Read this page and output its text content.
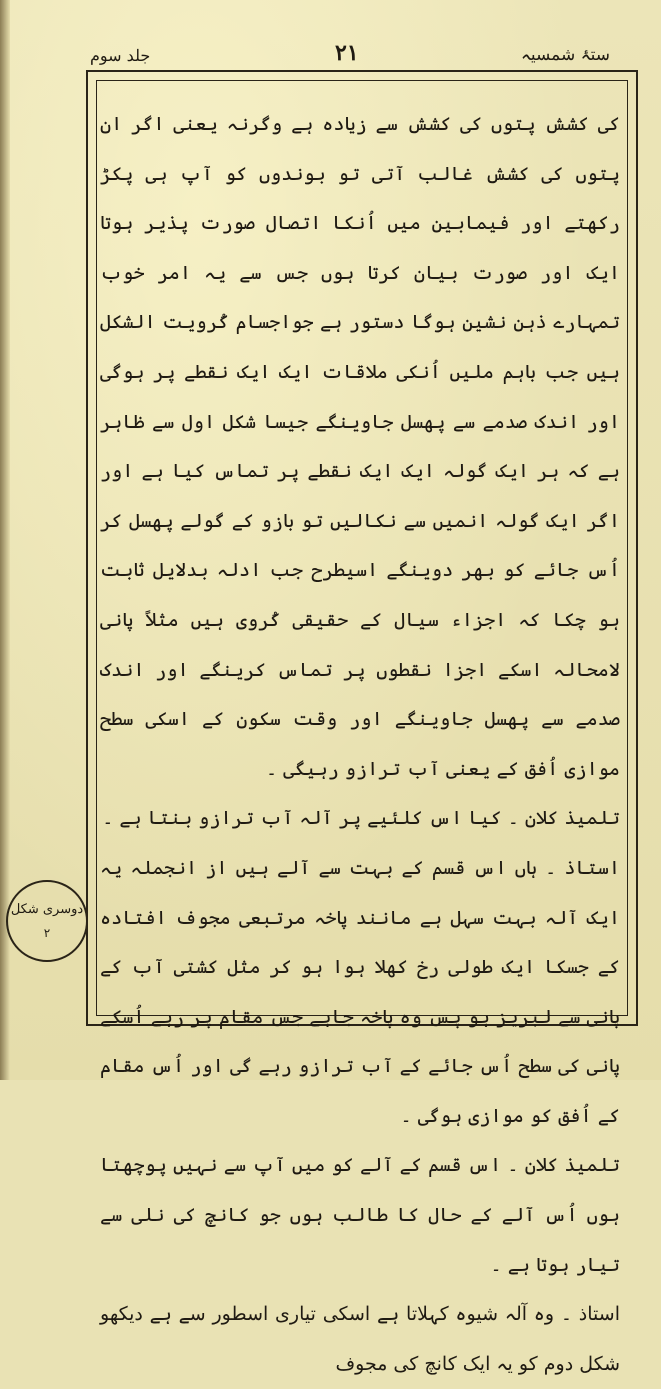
جلد سوم	۲۱	ستۂ شمسیہ

کی کشش پتوں کی کشش سے زیادہ ہے وگرنہ یعنی اگر ان پتوں کی کشش غالب آتی تو بوندوں کو آپ ہی پکڑ رکھتے اور فیمابین میں اُنکا اتصال صورت پذیر ہوتا ایک اور صورت بیان کرتا ہوں جس سے یہ امر خوب تمہارے ذہن نشین ہوگا دستور ہے جواجسام کُرویت الشکل ہیں جب باہم ملیں اُنکی ملاقات ایک ایک نقطے پر ہوگی اور اندک صدمے سے پھسل جاوینگے جیسا شکل اول سے ظاہر ہے کہ ہر ایک گولہ ایک ایک نقطے پر تماس کیا ہے اور اگر ایک گولہ انمیں سے نکالیں تو بازو کے گولے پھسل کر اُس جائے کو بھر دوینگے اسیطرح جب ادلہ بدلایل ثابت ہو چکا کہ اجزاء سیال کے حقیقی کُروی ہیں مثلاً پانی لامحالہ اسکے اجزا نقطوں پر تماس کرینگے اور اندک صدمے سے پھسل جاوینگے اور وقت سکون کے اسکی سطح موازی اُفق کے یعنی آب ترازو رہیگی ۔

تلمیذ کلان ۔ کیا اس کلئیے پر آلہ آب ترازو بنتا ہے ۔

استاذ ۔ ہاں اس قسم کے بہت سے آلے ہیں از انجملہ یہ ایک آلہ بہت سہل ہے مانند پاخہ مرتبعی مجوف افتادہ کے جسکا ایک طولی رخ کھلا ہوا ہو کر مثل کشتی آب کے پانی سے لبریز ہو پس وہ پاخہ جاہے جس مقام پر رہے اُسکے پانی کی سطح اُس جائے کے آب ترازو رہے گی اور اُس مقام کے اُفق کو موازی ہوگی ۔

تلمیذ کلان ۔ اس قسم کے آلے کو میں آپ سے نہیں پوچھتا ہوں اُس آلے کے حال کا طالب ہوں جو کانچ کی نلی سے تیار ہوتا ہے ۔

استاذ ۔ وہ آلہ شیوہ کہلاتا ہے اسکی تیاری اسطور سے ہے دیکھو شکل دوم کو یہ ایک کانچ کی مجوف

دوسری شکل
۲
